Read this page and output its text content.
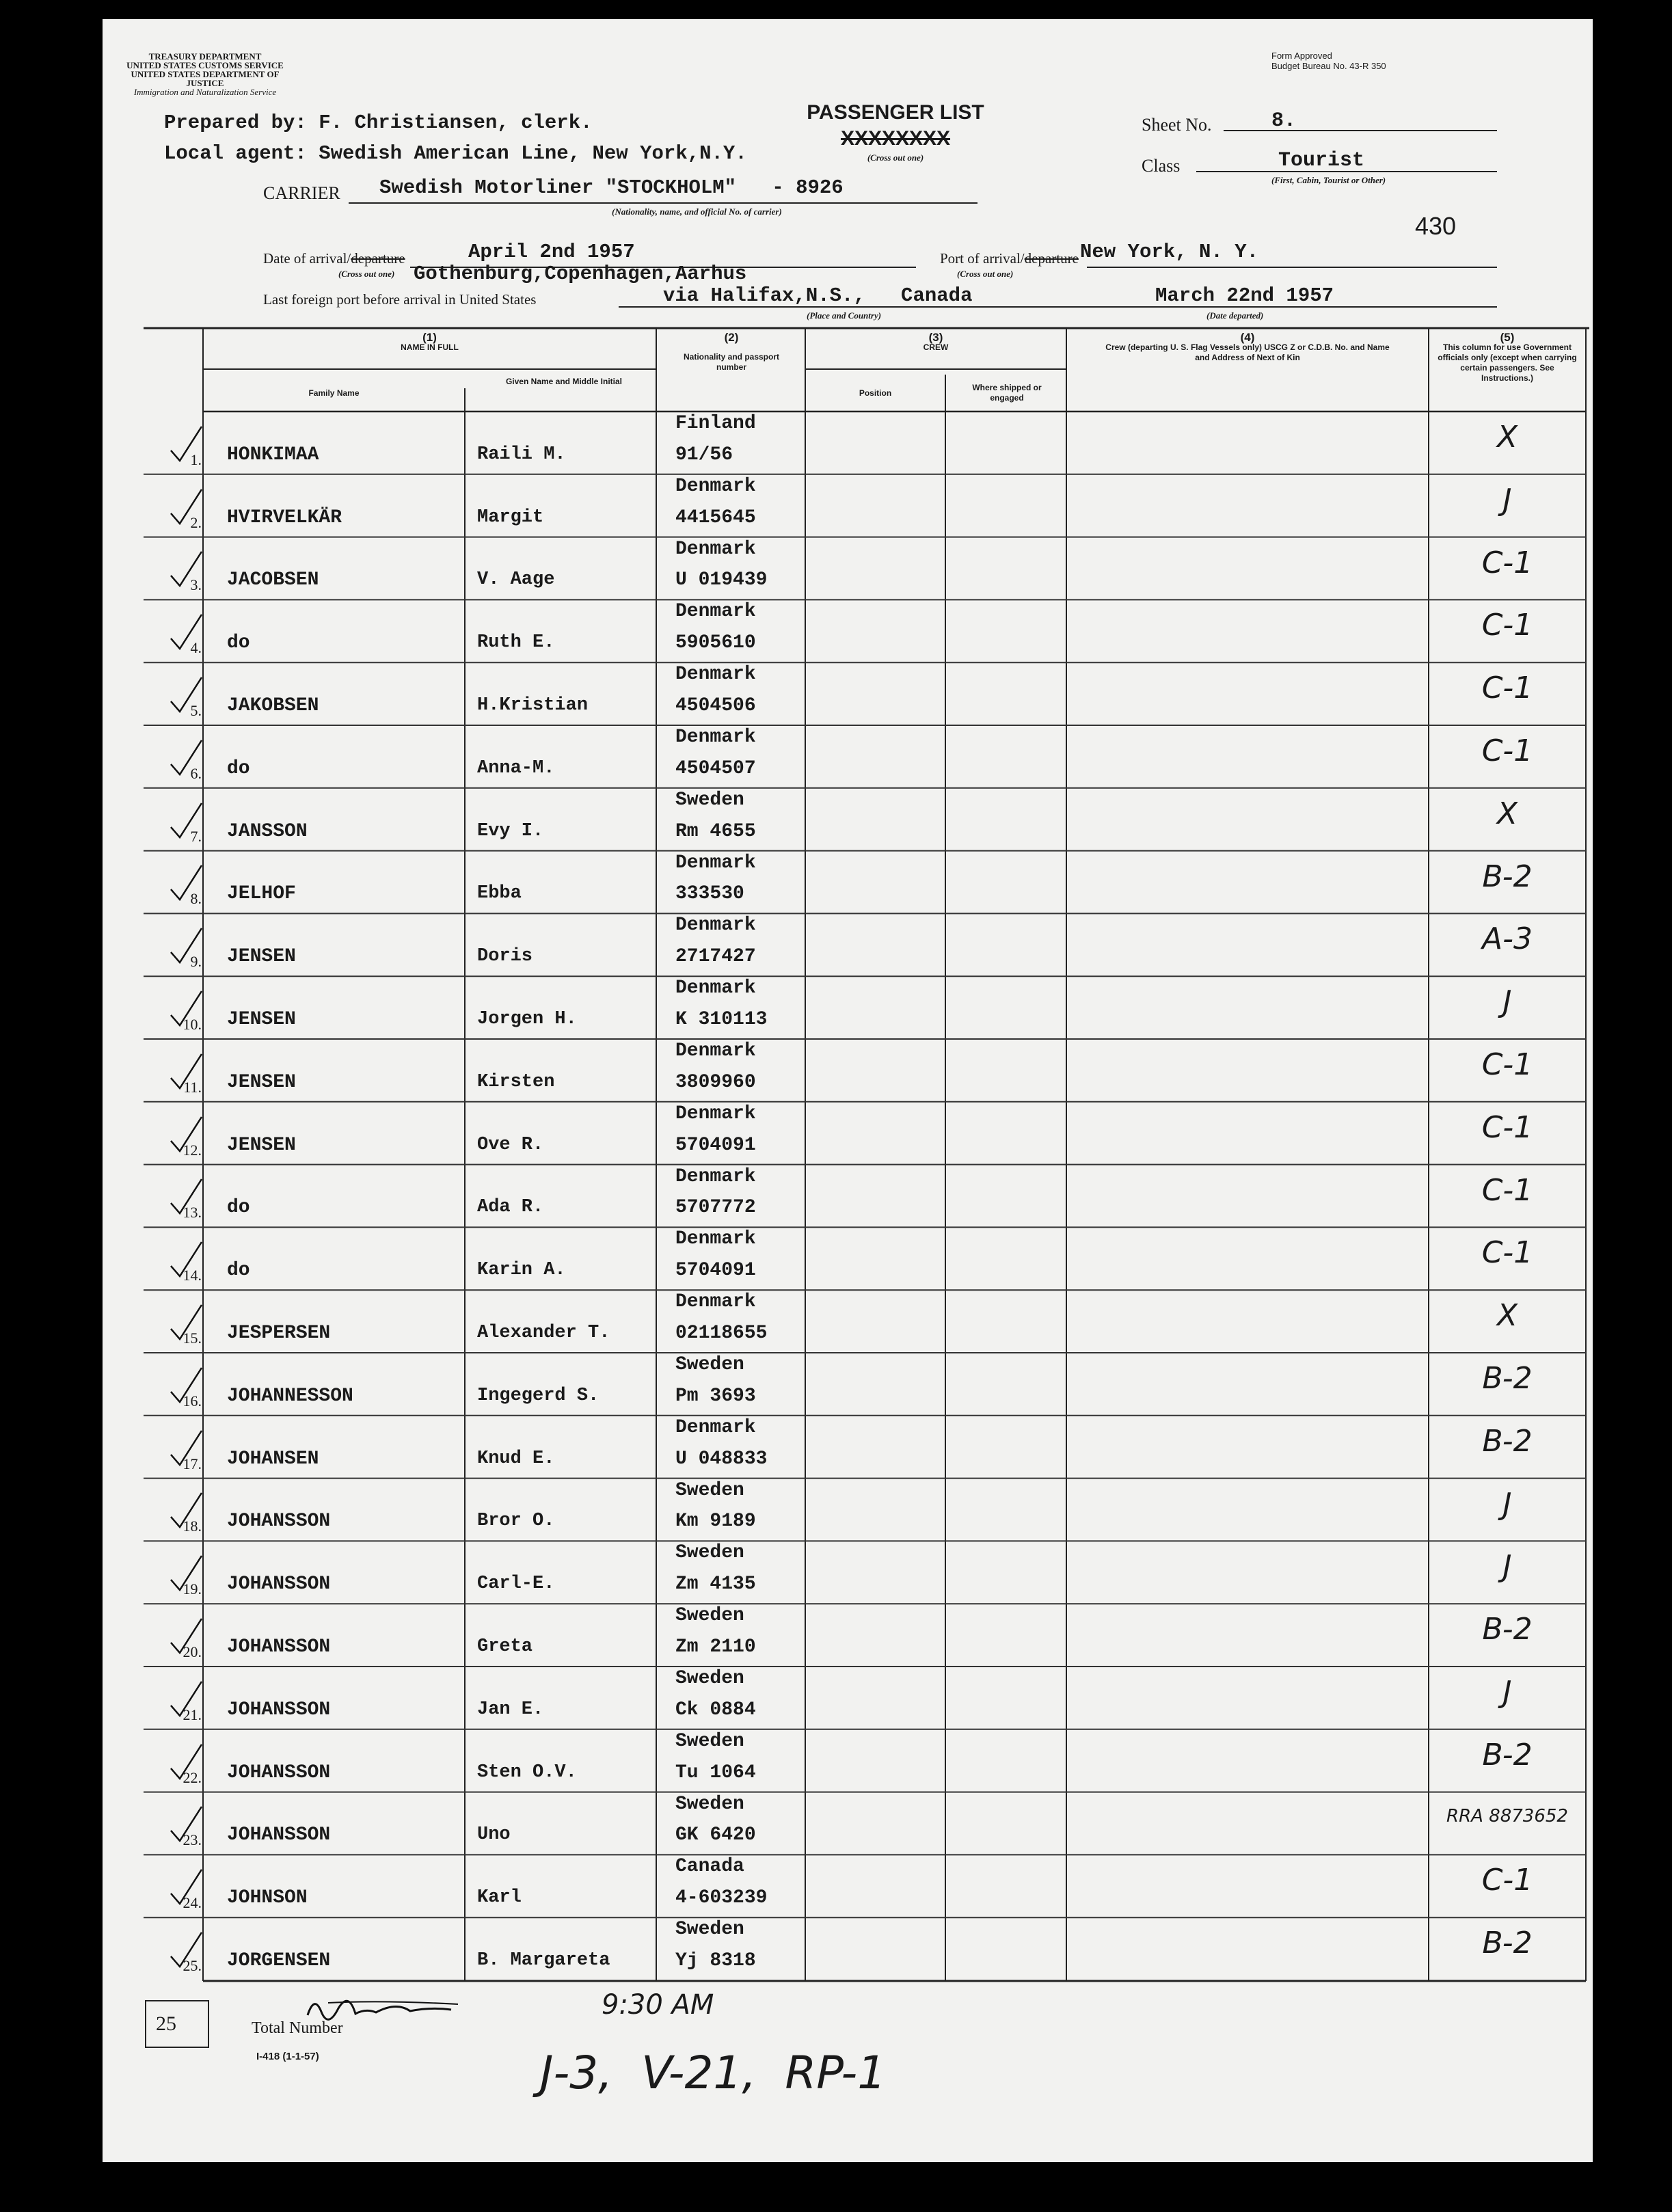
TREASURY DEPARTMENT
UNITED STATES CUSTOMS SERVICE
UNITED STATES DEPARTMENT OF JUSTICE
Immigration and Naturalization Service
Form Approved
Budget Bureau No. 43-R 350
Prepared by: F. Christiansen, clerk.
Local agent: Swedish American Line, New York,N.Y.
PASSENGER LIST
XXXXXXXX
(Cross out one)
Sheet No.	8.
Class	Tourist
(First, Cabin, Tourist or Other)
CARRIER Swedish Motorliner "STOCKHOLM"   - 8926
(Nationality, name, and official No. of carrier)
430
Date of arrival/departure
(Cross out one)
April 2nd 1957	Port of arrival/departure
(Cross out one)
New York, N. Y.
Gothenburg,Copenhagen,Aarhus
Last foreign port before arrival in United States	via Halifax,N.S.,   Canada
(Place and Country)
March 22nd 1957
(Date departed)
(1)
NAME IN FULL
Family Name
Given Name and Middle Initial
(2)
Nationality and passport number
(3)
CREW
Position
Where shipped or engaged
(4)
Crew (departing U. S. Flag Vessels only) USCG Z or C.D.B. No. and Name and Address of Next of Kin
(5)
This column for use Government officials only (except when carrying certain passengers. See Instructions.)
1. HONKIMAA	Raili M.
Finland
91/56
X
2. HVIRVELKÄR	Margit
Denmark
4415645
J
3. JACOBSEN	V. Aage
Denmark
U 019439
C-1
4. do	Ruth E.
Denmark
5905610
C-1
5. JAKOBSEN	H.Kristian
Denmark
4504506
C-1
6. do	Anna-M.
Denmark
4504507
C-1
7. JANSSON	Evy I.
Sweden
Rm 4655
X
8. JELHOF	Ebba
Denmark
333530
B-2
9. JENSEN	Doris
Denmark
2717427
A-3
10. JENSEN	Jorgen H.
Denmark
K 310113
J
11. JENSEN	Kirsten
Denmark
3809960
C-1
12. JENSEN	Ove R.
Denmark
5704091
C-1
13. do	Ada R.
Denmark
5707772
C-1
14. do	Karin A.
Denmark
5704091
C-1
15. JESPERSEN	Alexander T.
Denmark
02118655
X
16. JOHANNESSON	Ingegerd S.
Sweden
Pm 3693
B-2
17. JOHANSEN	Knud E.
Denmark
U 048833
B-2
18. JOHANSSON	Bror O.
Sweden
Km 9189
J
19. JOHANSSON	Carl-E.
Sweden
Zm 4135
J
20. JOHANSSON	Greta
Sweden
Zm 2110
B-2
21. JOHANSSON	Jan E.
Sweden
Ck 0884
J
22. JOHANSSON	Sten O.V.
Sweden
Tu 1064
B-2
23. JOHANSSON	Uno
Sweden
GK 6420
RRA 8873652
24. JOHNSON	Karl
Canada
4-603239
C-1
25. JORGENSEN	B. Margareta
Sweden
Yj 8318
B-2
25	Total Number
I-418 (1-1-57)
9:30 AM
J-3,  V-21,  RP-1
